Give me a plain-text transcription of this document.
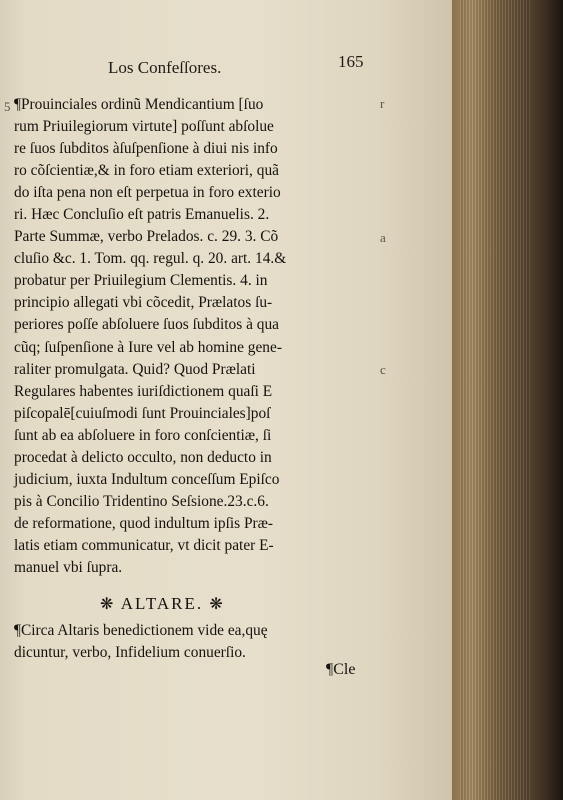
Los Confeſſores.	165
5	r
a
c
¶Prouinciales ordinũ Mendicantium [ſuo
rum Priuilegiorum virtute] poſſunt abſolue
re ſuos ſubditos àſuſpenſione à diui nis info
ro cõſcientiæ,& in foro etiam exteriori, quã
do iſta pena non eſt perpetua in foro exterio
ri. Hæc Concluſio eſt patris Emanuelis. 2.
Parte Summæ, verbo Prelados. c. 29. 3. Cõ
cluſio &c. 1. Tom. qq. regul. q. 20. art. 14.&
probatur per Priuilegium Clementis. 4. in
principio allegati vbi cõcedit, Prælatos ſu-
periores poſſe abſoluere ſuos ſubditos à qua
cũq; ſuſpenſione à Iure vel ab homine gene-
raliter promulgata. Quid? Quod Prælati
Regulares habentes iuriſdictionem quaſi E
piſcopalē[cuiuſmodi ſunt Prouinciales]poſ
ſunt ab ea abſoluere in foro conſcientiæ, ſi
procedat à delicto occulto, non deducto in
judicium, iuxta Indultum conceſſum Epiſco
pis à Concilio Tridentino Seſsione.23.c.6.
de reformatione, quod indultum ipſis Præ-
latis etiam communicatur, vt dicit pater E-
manuel vbi ſupra.
❋ ALTARE. ❋
¶Circa Altaris benedictionem vide ea,quę
dicuntur, verbo, Infidelium conuerſio.
¶Cle
